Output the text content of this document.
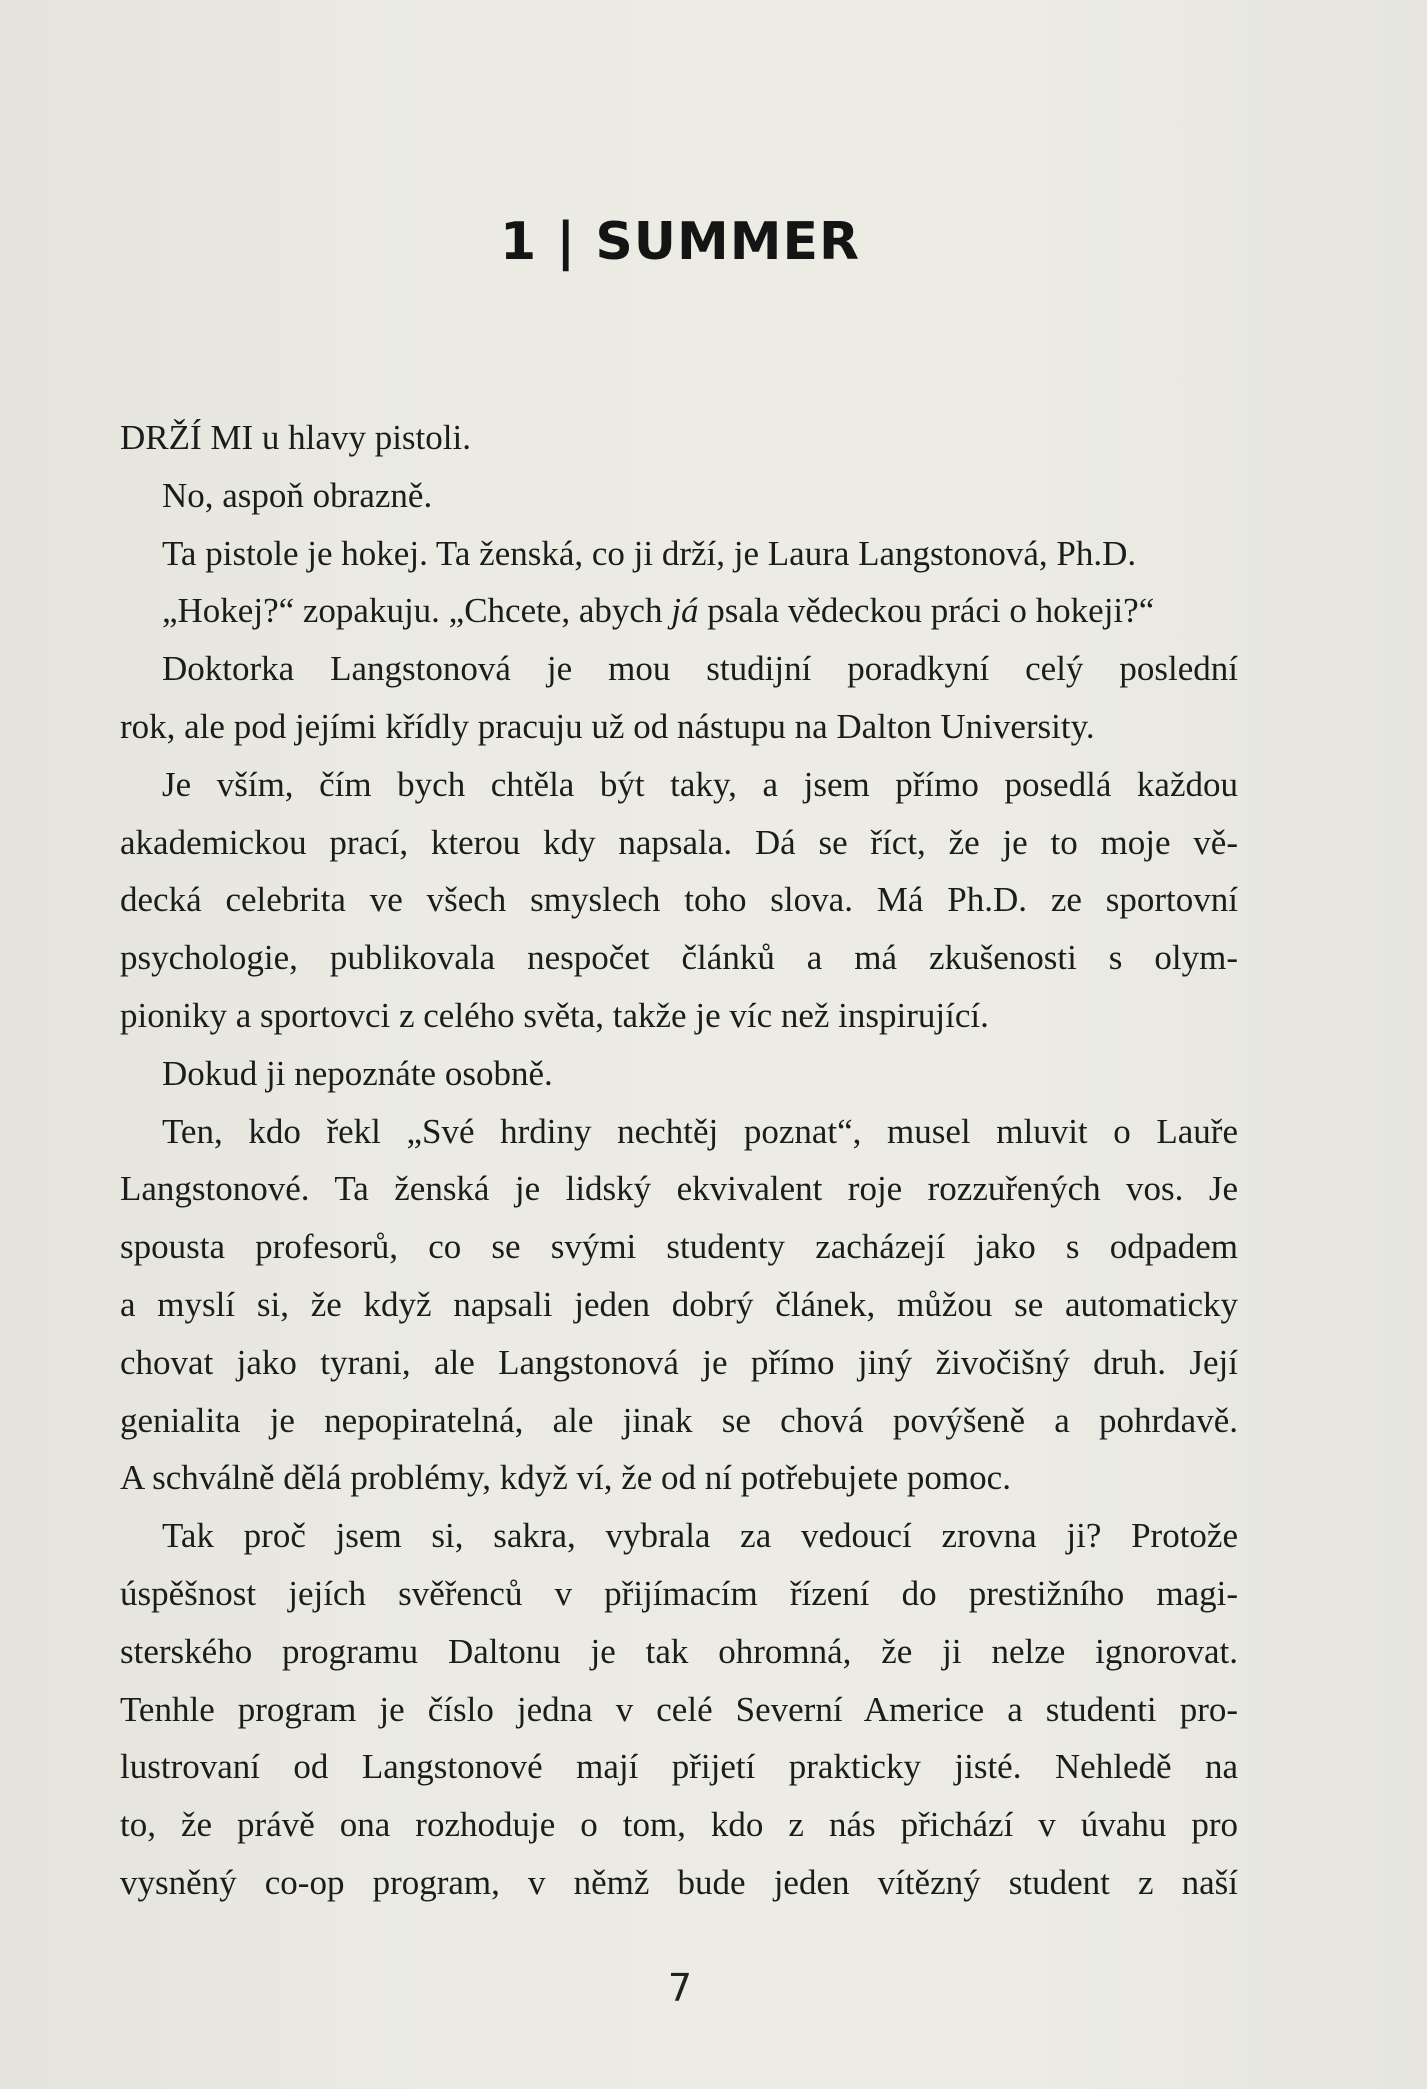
1 | SUMMER
DRŽÍ MI u hlavy pistoli.
No, aspoň obrazně.
Ta pistole je hokej. Ta ženská, co ji drží, je Laura Langstonová, Ph.D.
„Hokej?“ zopakuju. „Chcete, abych já psala vědeckou práci o hokeji?“
Doktorka Langstonová je mou studijní poradkyní celý poslední
rok, ale pod jejími křídly pracuju už od nástupu na Dalton University.
Je vším, čím bych chtěla být taky, a jsem přímo posedlá každou
akademickou prací, kterou kdy napsala. Dá se říct, že je to moje vě-
decká celebrita ve všech smyslech toho slova. Má Ph.D. ze sportovní
psychologie, publikovala nespočet článků a má zkušenosti s olym-
pioniky a sportovci z celého světa, takže je víc než inspirující.
Dokud ji nepoznáte osobně.
Ten, kdo řekl „Své hrdiny nechtěj poznat“, musel mluvit o Lauře
Langstonové. Ta ženská je lidský ekvivalent roje rozzuřených vos. Je
spousta profesorů, co se svými studenty zacházejí jako s odpadem
a myslí si, že když napsali jeden dobrý článek, můžou se automaticky
chovat jako tyrani, ale Langstonová je přímo jiný živočišný druh. Její
genialita je nepopiratelná, ale jinak se chová povýšeně a pohrdavě.
A schválně dělá problémy, když ví, že od ní potřebujete pomoc.
Tak proč jsem si, sakra, vybrala za vedoucí zrovna ji? Protože
úspěšnost jejích svěřenců v přijímacím řízení do prestižního magi-
sterského programu Daltonu je tak ohromná, že ji nelze ignorovat.
Tenhle program je číslo jedna v celé Severní Americe a studenti pro-
lustrovaní od Langstonové mají přijetí prakticky jisté. Nehledě na
to, že právě ona rozhoduje o tom, kdo z nás přichází v úvahu pro
vysněný co-op program, v němž bude jeden vítězný student z naší
7
